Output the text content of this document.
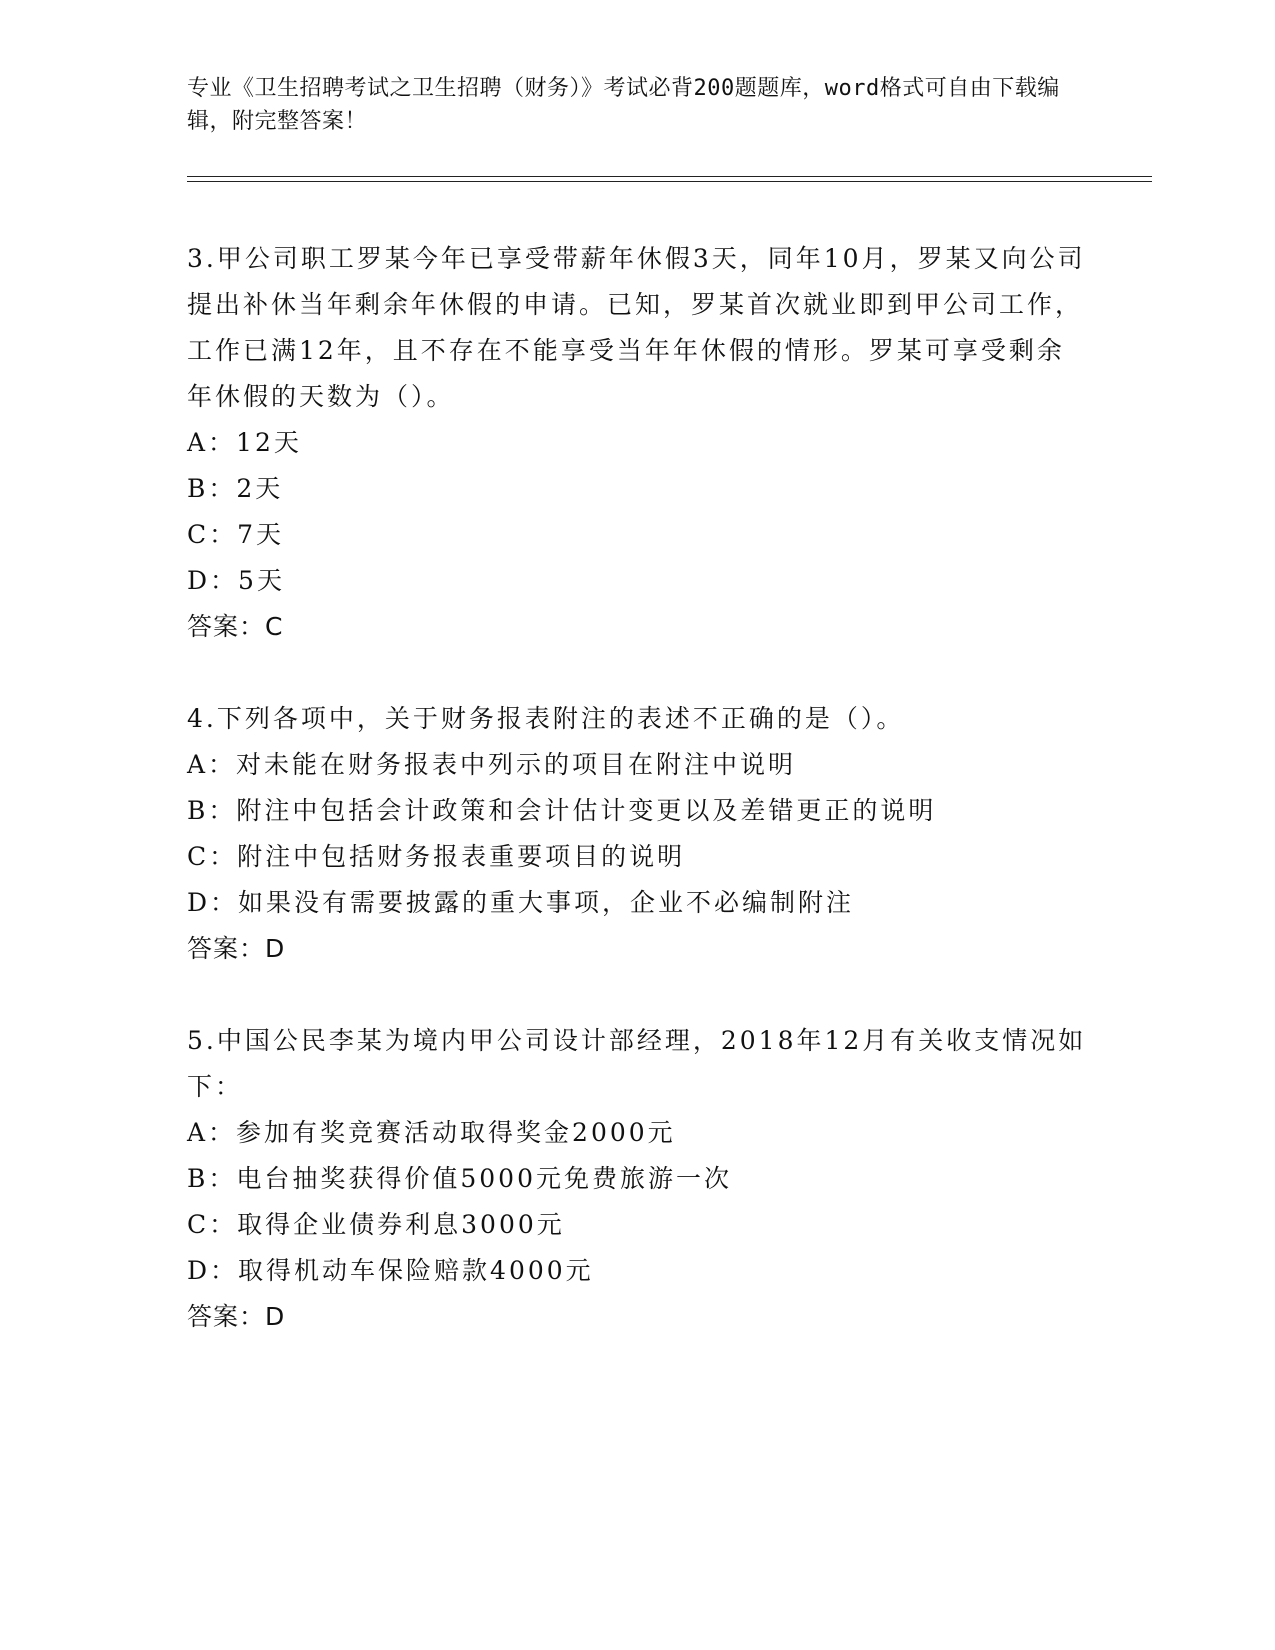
专业《卫生招聘考试之卫生招聘（财务）》考试必背200题题库，word格式可自由下载编辑，附完整答案！
3.甲公司职工罗某今年已享受带薪年休假3天，同年10月，罗某又向公司提出补休当年剩余年休假的申请。已知，罗某首次就业即到甲公司工作，工作已满12年，且不存在不能享受当年年休假的情形。罗某可享受剩余年休假的天数为（）。
A：12天
B：2天
C：7天
D：5天
答案：C
4.下列各项中，关于财务报表附注的表述不正确的是（）。
A：对未能在财务报表中列示的项目在附注中说明
B：附注中包括会计政策和会计估计变更以及差错更正的说明
C：附注中包括财务报表重要项目的说明
D：如果没有需要披露的重大事项，企业不必编制附注
答案：D
5.中国公民李某为境内甲公司设计部经理，2018年12月有关收支情况如下：
A：参加有奖竞赛活动取得奖金2000元
B：电台抽奖获得价值5000元免费旅游一次
C：取得企业债券利息3000元
D：取得机动车保险赔款4000元
答案：D
